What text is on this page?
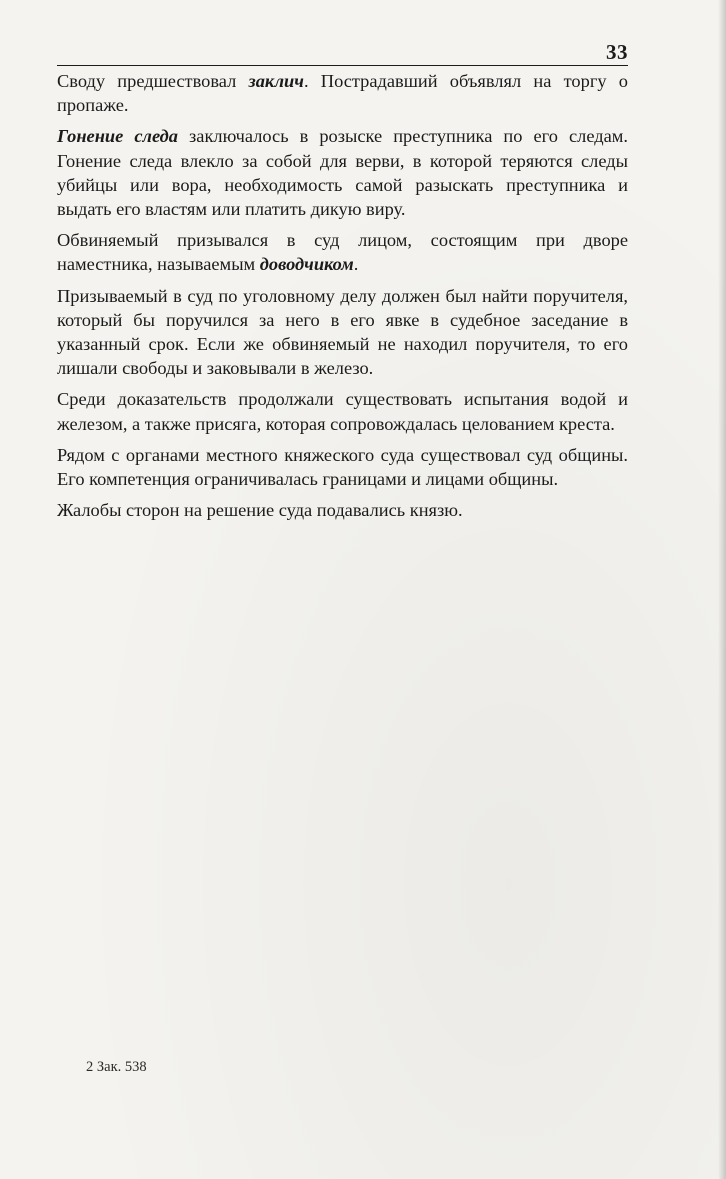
33

Своду предшествовал заклич. Пострадавший объявлял на торгу о пропаже.

Гонение следа заключалось в розыске преступника по его следам. Гонение следа влекло за собой для верви, в которой теряются следы убийцы или вора, необходимость самой разыскать преступника и выдать его властям или платить дикую виру.

Обвиняемый призывался в суд лицом, состоящим при дворе наместника, называемым доводчиком.

Призываемый в суд по уголовному делу должен был найти поручителя, который бы поручился за него в его явке в судебное заседание в указанный срок. Если же обвиняемый не находил поручителя, то его лишали свободы и заковывали в железо.

Среди доказательств продолжали существовать испытания водой и железом, а также присяга, которая сопровождалась целованием креста.

Рядом с органами местного княжеского суда существовал суд общины. Его компетенция ограничивалась границами и лицами общины.

Жалобы сторон на решение суда подавались князю.

2 Зак. 538
